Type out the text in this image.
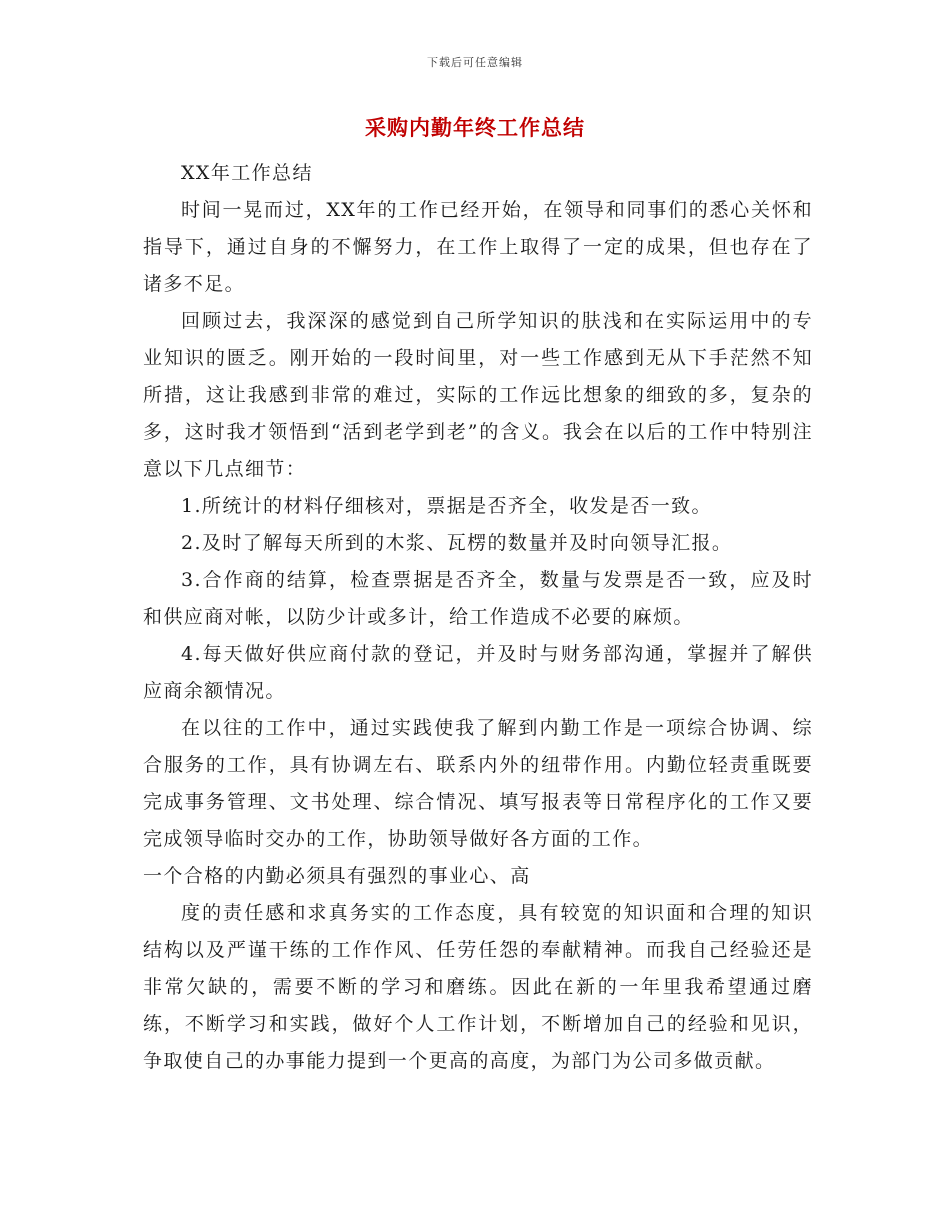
下载后可任意编辑
采购内勤年终工作总结

XX年工作总结

时间一晃而过，XX年的工作已经开始，在领导和同事们的悉心关怀和指导下，通过自身的不懈努力，在工作上取得了一定的成果，但也存在了诸多不足。

回顾过去，我深深的感觉到自己所学知识的肤浅和在实际运用中的专业知识的匮乏。刚开始的一段时间里，对一些工作感到无从下手茫然不知所措，这让我感到非常的难过，实际的工作远比想象的细致的多，复杂的多，这时我才领悟到“活到老学到老”的含义。我会在以后的工作中特别注意以下几点细节：

1.所统计的材料仔细核对，票据是否齐全，收发是否一致。

2.及时了解每天所到的木浆、瓦楞的数量并及时向领导汇报。

3.合作商的结算，检查票据是否齐全，数量与发票是否一致，应及时和供应商对帐，以防少计或多计，给工作造成不必要的麻烦。

4.每天做好供应商付款的登记，并及时与财务部沟通，掌握并了解供应商余额情况。

在以往的工作中，通过实践使我了解到内勤工作是一项综合协调、综合服务的工作，具有协调左右、联系内外的纽带作用。内勤位轻责重既要完成事务管理、文书处理、综合情况、填写报表等日常程序化的工作又要完成领导临时交办的工作，协助领导做好各方面的工作。

一个合格的内勤必须具有强烈的事业心、高

度的责任感和求真务实的工作态度，具有较宽的知识面和合理的知识结构以及严谨干练的工作作风、任劳任怨的奉献精神。而我自己经验还是非常欠缺的，需要不断的学习和磨练。因此在新的一年里我希望通过磨练，不断学习和实践，做好个人工作计划，不断增加自己的经验和见识，争取使自己的办事能力提到一个更高的高度，为部门为公司多做贡献。
